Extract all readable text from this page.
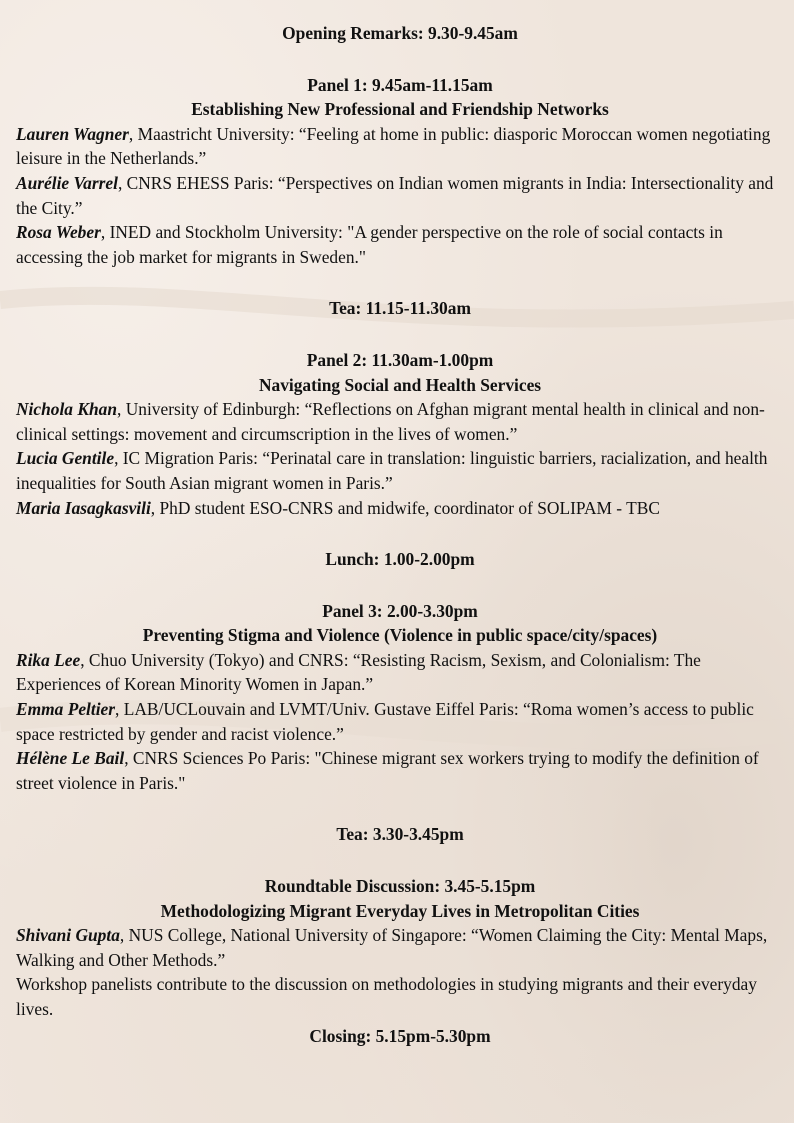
Opening Remarks: 9.30-9.45am

Panel 1: 9.45am-11.15am

Establishing New Professional and Friendship Networks

Lauren Wagner, Maastricht University: “Feeling at home in public: diasporic Moroccan women negotiating leisure in the Netherlands.”

Aurélie Varrel, CNRS EHESS Paris: “Perspectives on Indian women migrants in India: Intersectionality and the City.”

Rosa Weber, INED and Stockholm University: "A gender perspective on the role of social contacts in accessing the job market for migrants in Sweden."

Tea: 11.15-11.30am

Panel 2: 11.30am-1.00pm

Navigating Social and Health Services

Nichola Khan, University of Edinburgh: “Reflections on Afghan migrant mental health in clinical and non-clinical settings: movement and circumscription in the lives of women.”

Lucia Gentile, IC Migration Paris: “Perinatal care in translation: linguistic barriers, racialization, and health inequalities for South Asian migrant women in Paris.”

Maria Iasagkasvili, PhD student ESO-CNRS and midwife, coordinator of SOLIPAM - TBC

Lunch: 1.00-2.00pm

Panel 3: 2.00-3.30pm

Preventing Stigma and Violence (Violence in public space/city/spaces)

Rika Lee, Chuo University (Tokyo) and CNRS: “Resisting Racism, Sexism, and Colonialism: The Experiences of Korean Minority Women in Japan.”

Emma Peltier, LAB/UCLouvain and LVMT/Univ. Gustave Eiffel Paris: “Roma women’s access to public space restricted by gender and racist violence.”

Hélène Le Bail, CNRS Sciences Po Paris: "Chinese migrant sex workers trying to modify the definition of street violence in Paris."

Tea: 3.30-3.45pm

Roundtable Discussion: 3.45-5.15pm

Methodologizing Migrant Everyday Lives in Metropolitan Cities

Shivani Gupta, NUS College, National University of Singapore: “Women Claiming the City: Mental Maps, Walking and Other Methods.”

Workshop panelists contribute to the discussion on methodologies in studying migrants and their everyday lives.

Closing: 5.15pm-5.30pm
